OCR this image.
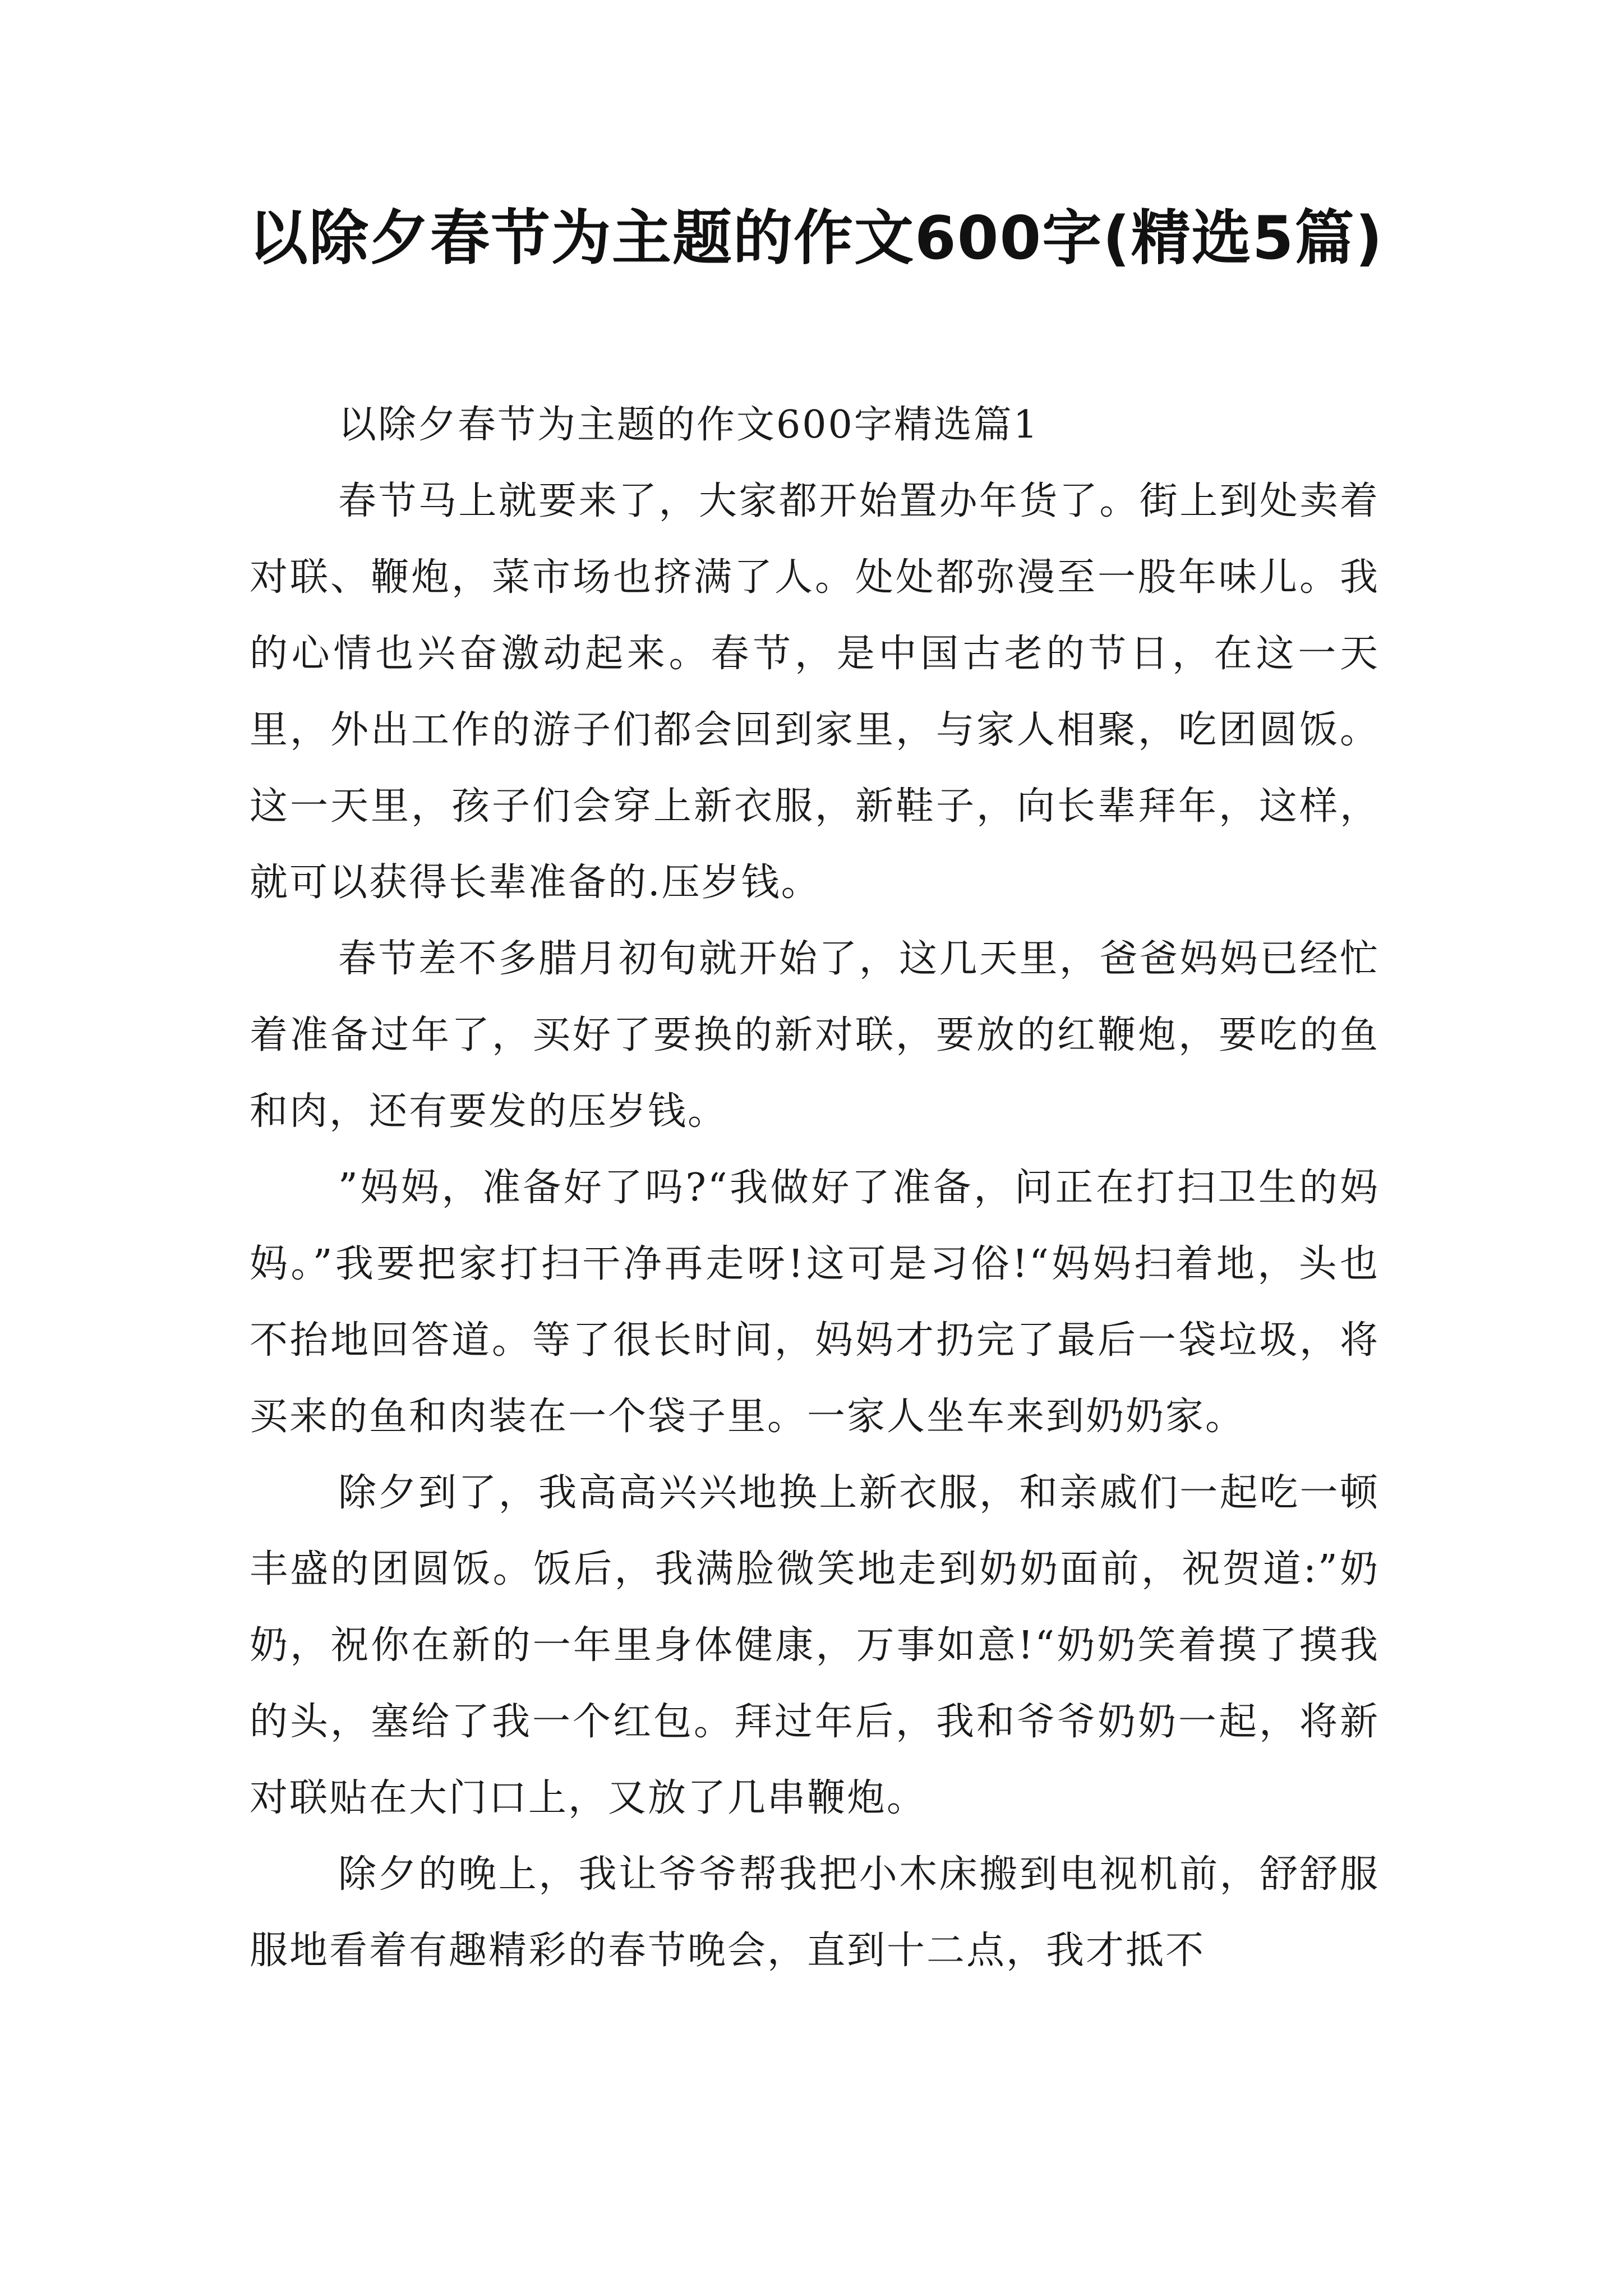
以除夕春节为主题的作文600字(精选5篇)

以除夕春节为主题的作文600字精选篇1

春节马上就要来了，大家都开始置办年货了。街上到处卖着对联、鞭炮，菜市场也挤满了人。处处都弥漫至一股年味儿。我的心情也兴奋激动起来。春节，是中国古老的节日，在这一天里，外出工作的游子们都会回到家里，与家人相聚，吃团圆饭。这一天里，孩子们会穿上新衣服，新鞋子，向长辈拜年，这样，就可以获得长辈准备的.压岁钱。

春节差不多腊月初旬就开始了，这几天里，爸爸妈妈已经忙着准备过年了，买好了要换的新对联，要放的红鞭炮，要吃的鱼和肉，还有要发的压岁钱。

”妈妈，准备好了吗?“我做好了准备，问正在打扫卫生的妈妈。”我要把家打扫干净再走呀!这可是习俗!“妈妈扫着地，头也不抬地回答道。等了很长时间，妈妈才扔完了最后一袋垃圾，将买来的鱼和肉装在一个袋子里。一家人坐车来到奶奶家。

除夕到了，我高高兴兴地换上新衣服，和亲戚们一起吃一顿丰盛的团圆饭。饭后，我满脸微笑地走到奶奶面前，祝贺道:”奶奶，祝你在新的一年里身体健康，万事如意!“奶奶笑着摸了摸我的头，塞给了我一个红包。拜过年后，我和爷爷奶奶一起，将新对联贴在大门口上，又放了几串鞭炮。

除夕的晚上，我让爷爷帮我把小木床搬到电视机前，舒舒服服地看着有趣精彩的春节晚会，直到十二点，我才抵不
